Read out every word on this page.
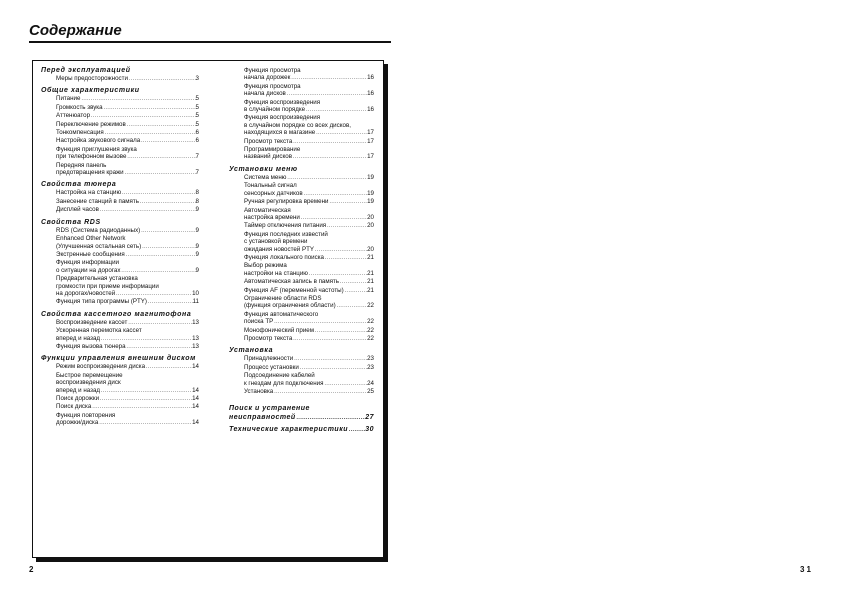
Содержание
Перед эксплуатацией
Меры предосторожности .....	3
Общие характеристики
Питание .....	5
Громкость звука .....	5
Аттенюатор .....	5
Переключение режимов .....	5
Тонкомпенсация .....	6
Настройка звукового сигнала .....	6
Функция приглушения звука
при телефонном вызове .....	7
Передняя панель
предотвращения кражи .....	7
Свойства тюнера
Настройка на станцию .....	8
Занесение станций в память .....	8
Дисплей часов .....	9
Свойства RDS
RDS (Система радиоданных) .....	9
Enhanced Other Network
(Улучшенная остальная сеть) .....	9
Экстренные сообщения .....	9
Функция информации
о ситуации на дорогах .....	9
Предварительная установка
громкости при приеме информации
на дорогах/новостей .....	10
Функция типа программы (PTY) .....	11
Свойства кассетного магнитофона
Воспроизведение кассет .....	13
Ускоренная перемотка кассет
вперед и назад .....	13
Функция вызова тюнера .....	13
Функции управления внешним диском
Режим воспроизведения диска .....	14
Быстрое перемещение
воспроизведения диск
вперед и назад .....	14
Поиск дорожки .....	14
Поиск диска .....	14
Функция повторения
дорожки/диска .....	14
Функция просмотра
начала дорожек .....	16
Функция просмотра
начала дисков .....	16
Функция воспроизведения
в случайном порядке .....	16
Функция воспроизведения
в случайном порядке со всех дисков,
находящихся в магазине .....	17
Просмотр текста .....	17
Программирование
названий дисков .....	17
Установки меню
Система меню .....	19
Тональный сигнал
сенсорных датчиков .....	19
Ручная регулировка времени .....	19
Автоматическая
настройка времени .....	20
Таймер отключения питания .....	20
Функция последних известий
с установкой времени
ожидания новостей PTY .....	20
Функция локального поиска .....	21
Выбор режима
настройки на станцию .....	21
Автоматическая запись в память .....	21
Функция AF (переменной частоты) .....	21
Ограничение области RDS
(функция ограничения области) .....	22
Функция автоматического
поиска TP .....	22
Монофонический прием .....	22
Просмотр текста .....	22
Установка
Принадлежности .....	23
Процесс установки .....	23
Подсоединение кабелей
к гнездам для подключения .....	24
Установка .....	25
Поиск и устранение
неисправностей .....	27
Технические характеристики ..... 30
2	31
